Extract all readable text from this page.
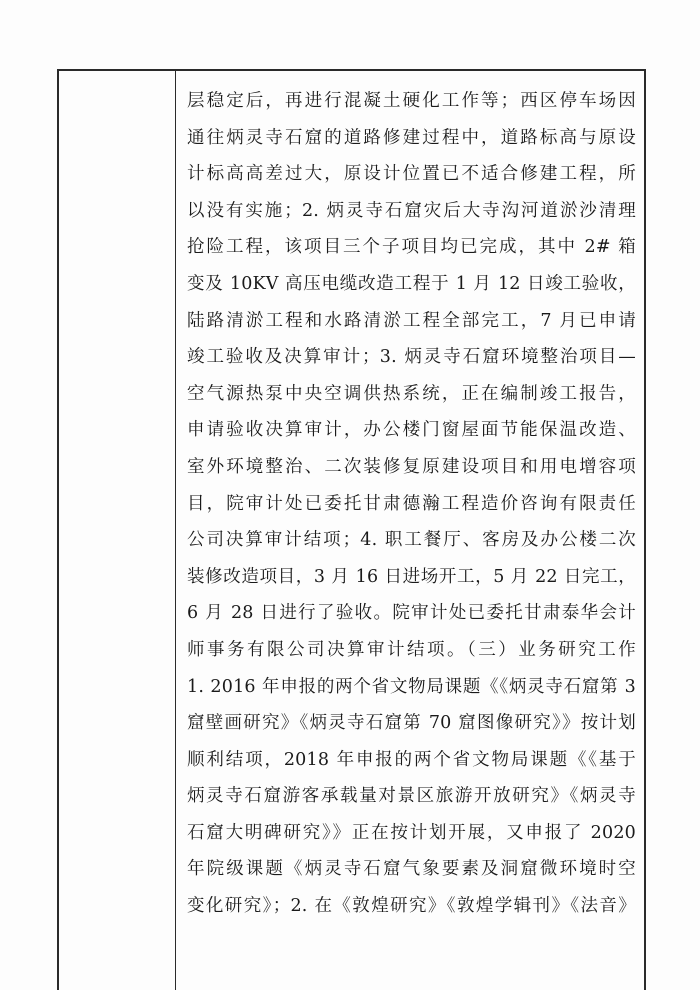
层稳定后，再进行混凝土硬化工作等；西区停车场因
通往炳灵寺石窟的道路修建过程中，道路标高与原设
计标高高差过大，原设计位置已不适合修建工程，所
以没有实施；2. 炳灵寺石窟灾后大寺沟河道淤沙清理
抢险工程，该项目三个子项目均已完成，其中 2# 箱
变及 10KV 高压电缆改造工程于 1 月 12 日竣工验收，
陆路清淤工程和水路清淤工程全部完工，7 月已申请
竣工验收及决算审计；3. 炳灵寺石窟环境整治项目—
空气源热泵中央空调供热系统，正在编制竣工报告，
申请验收决算审计，办公楼门窗屋面节能保温改造、
室外环境整治、二次装修复原建设项目和用电增容项
目，院审计处已委托甘肃德瀚工程造价咨询有限责任
公司决算审计结项；4. 职工餐厅、客房及办公楼二次
装修改造项目，3 月 16 日进场开工，5 月 22 日完工，
6 月 28 日进行了验收。院审计处已委托甘肃泰华会计
师事务有限公司决算审计结项。（三）业务研究工作
1. 2016 年申报的两个省文物局课题《《炳灵寺石窟第 3
窟壁画研究》《炳灵寺石窟第 70 窟图像研究》》按计划
顺利结项，2018 年申报的两个省文物局课题《《基于
炳灵寺石窟游客承载量对景区旅游开放研究》《炳灵寺
石窟大明碑研究》》正在按计划开展，又申报了 2020
年院级课题《炳灵寺石窟气象要素及洞窟微环境时空
变化研究》；2. 在《敦煌研究》《敦煌学辑刊》《法音》
